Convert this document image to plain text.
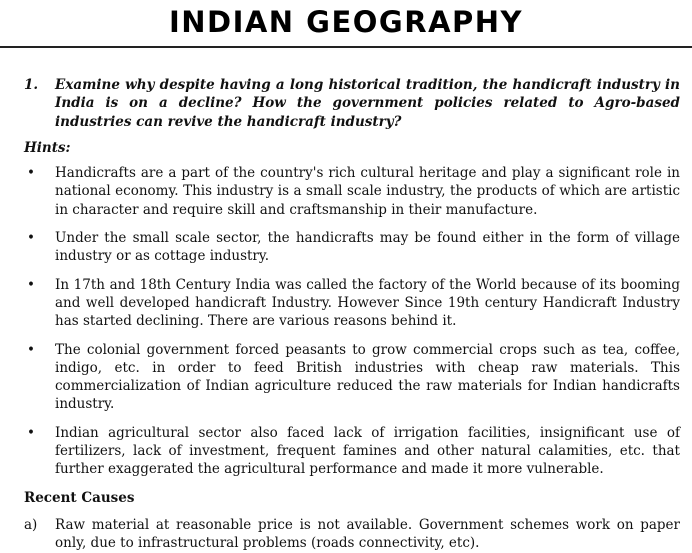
INDIAN GEOGRAPHY
1.	Examine why despite having a long historical tradition, the handicraft industry in India is on a decline? How the government policies related to Agro-based industries can revive the handicraft industry?
Hints:
•	Handicrafts are a part of the country's rich cultural heritage and play a significant role in national economy. This industry is a small scale industry, the products of which are artistic in character and require skill and craftsmanship in their manufacture.
•	Under the small scale sector, the handicrafts may be found either in the form of village industry or as cottage industry.
•	In 17th and 18th Century India was called the factory of the World because of its booming and well developed handicraft Industry. However Since 19th century Handicraft Industry has started declining. There are various reasons behind it.
•	The colonial government forced peasants to grow commercial crops such as tea, coffee, indigo, etc. in order to feed British industries with cheap raw materials. This commercialization of Indian agriculture reduced the raw materials for Indian handicrafts industry.
•	Indian agricultural sector also faced lack of irrigation facilities, insignificant use of fertilizers, lack of investment, frequent famines and other natural calamities, etc. that further exaggerated the agricultural performance and made it more vulnerable.
Recent Causes
a)	Raw material at reasonable price is not available. Government schemes work on paper only, due to infrastructural problems (roads connectivity, etc).
